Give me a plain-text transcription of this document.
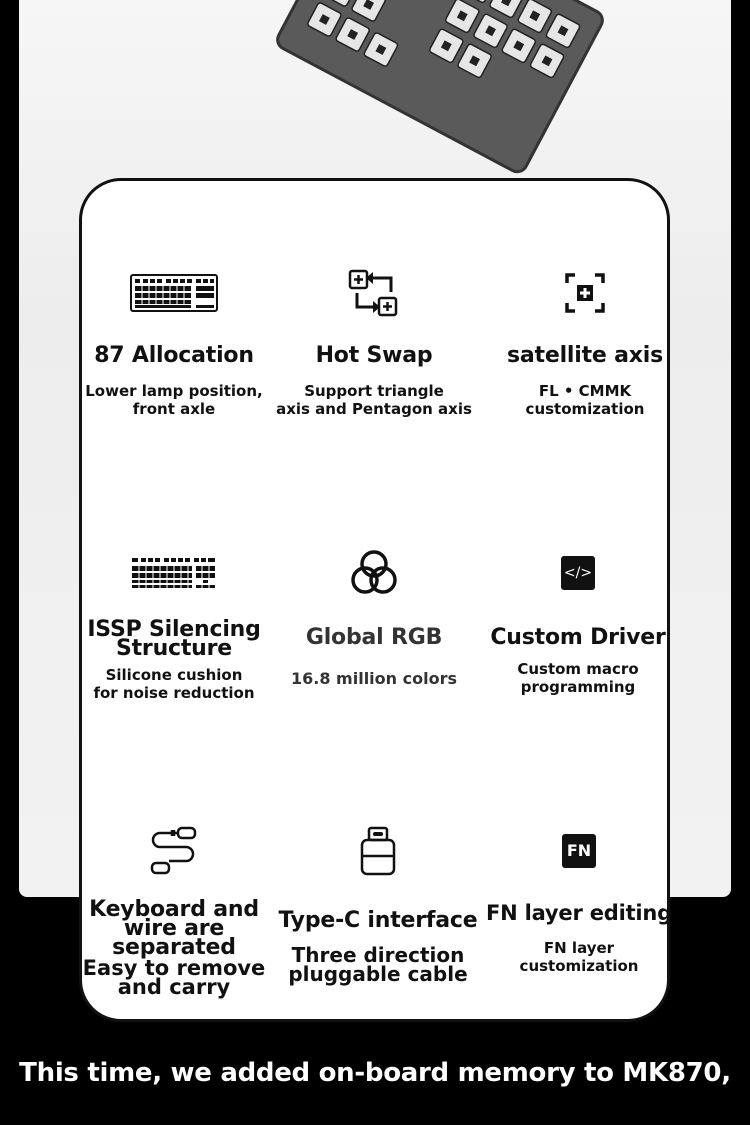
87 Allocation
Lower lamp position,
front axle
Hot Swap
Support triangle
axis and Pentagon axis
satellite axis
FL • CMMK
customization
ISSP Silencing Structure
Silicone cushion
for noise reduction
Global RGB
16.8 million colors
</>
Custom Driver
Custom macro
programming
Keyboard and wire are separated
Easy to remove
and carry
Type-C interface
Three direction
pluggable cable
FN
FN layer editing
FN layer
customization
This time, we added on-board memory to MK870,
